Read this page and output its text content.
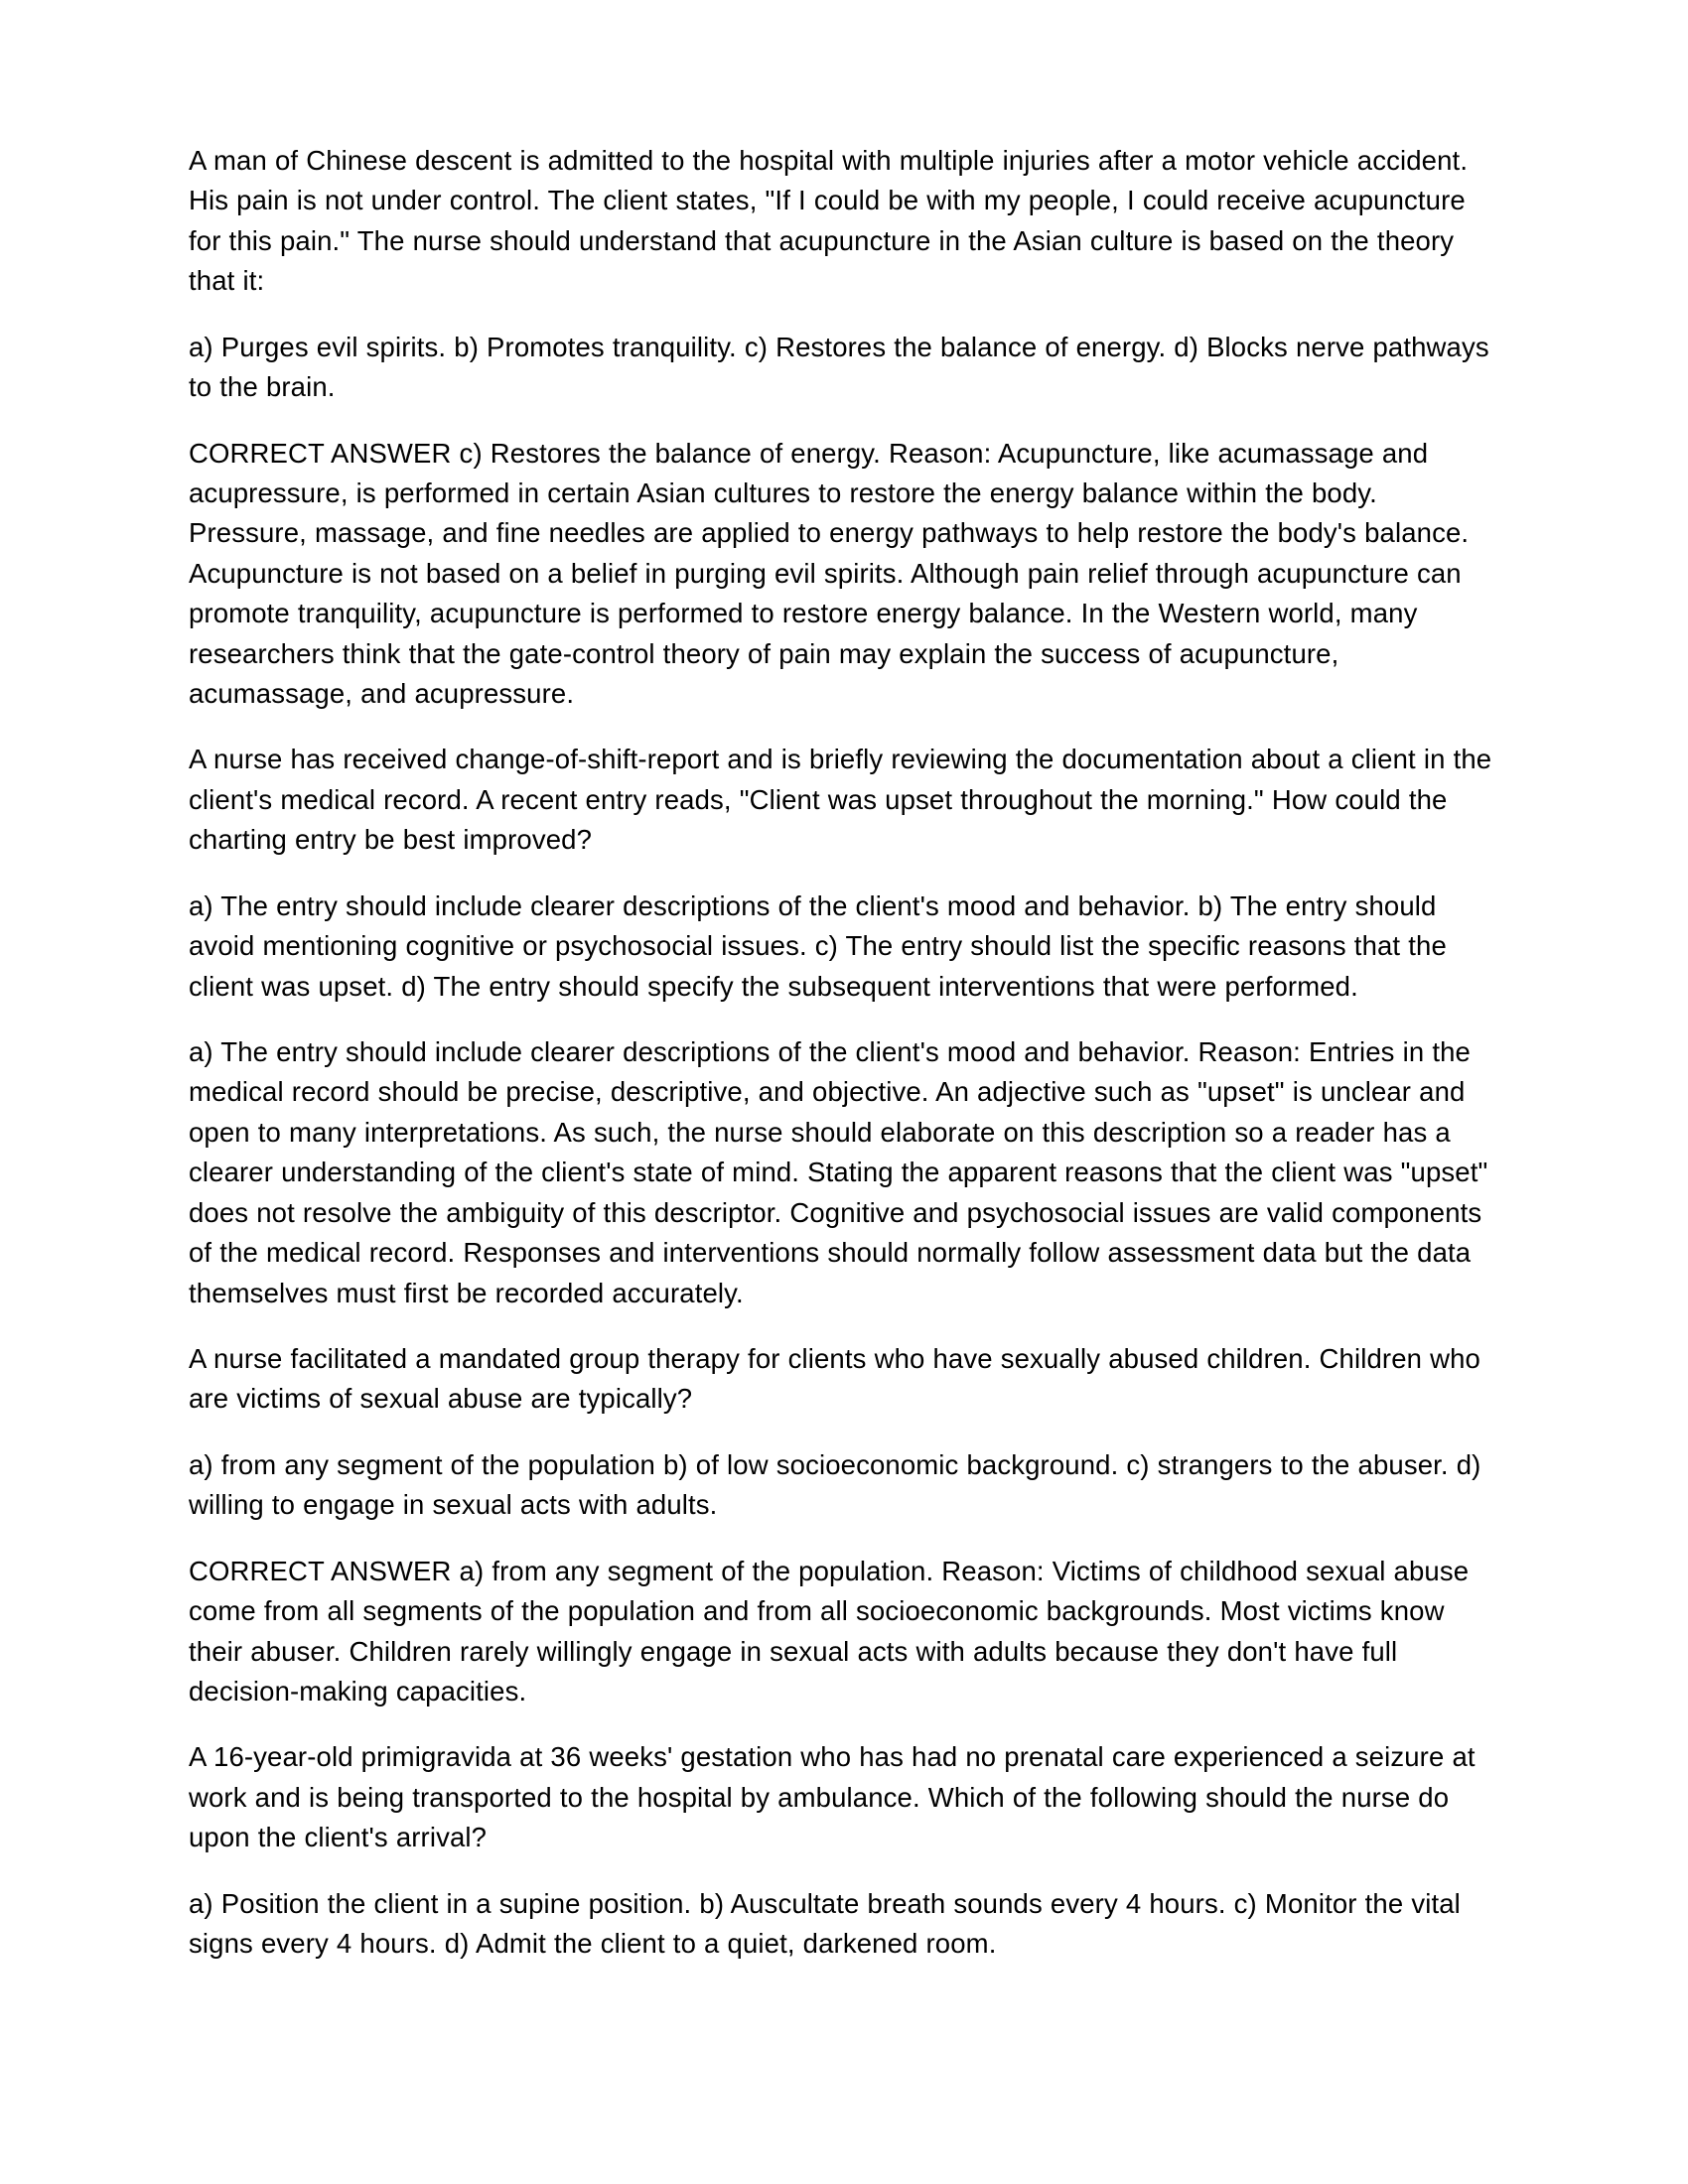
A man of Chinese descent is admitted to the hospital with multiple injuries after a motor vehicle accident. His pain is not under control. The client states, "If I could be with my people, I could receive acupuncture for this pain." The nurse should understand that acupuncture in the Asian culture is based on the theory that it:

a) Purges evil spirits. b) Promotes tranquility. c) Restores the balance of energy. d) Blocks nerve pathways to the brain.

CORRECT ANSWER c) Restores the balance of energy. Reason: Acupuncture, like acumassage and acupressure, is performed in certain Asian cultures to restore the energy balance within the body. Pressure, massage, and fine needles are applied to energy pathways to help restore the body's balance. Acupuncture is not based on a belief in purging evil spirits. Although pain relief through acupuncture can promote tranquility, acupuncture is performed to restore energy balance. In the Western world, many researchers think that the gate-control theory of pain may explain the success of acupuncture, acumassage, and acupressure.

A nurse has received change-of-shift-report and is briefly reviewing the documentation about a client in the client's medical record. A recent entry reads, "Client was upset throughout the morning." How could the charting entry be best improved?

a) The entry should include clearer descriptions of the client's mood and behavior. b) The entry should avoid mentioning cognitive or psychosocial issues. c) The entry should list the specific reasons that the client was upset. d) The entry should specify the subsequent interventions that were performed.

a) The entry should include clearer descriptions of the client's mood and behavior. Reason: Entries in the medical record should be precise, descriptive, and objective. An adjective such as "upset" is unclear and open to many interpretations. As such, the nurse should elaborate on this description so a reader has a clearer understanding of the client's state of mind. Stating the apparent reasons that the client was "upset" does not resolve the ambiguity of this descriptor. Cognitive and psychosocial issues are valid components of the medical record. Responses and interventions should normally follow assessment data but the data themselves must first be recorded accurately.

A nurse facilitated a mandated group therapy for clients who have sexually abused children. Children who are victims of sexual abuse are typically?

a) from any segment of the population b) of low socioeconomic background. c) strangers to the abuser. d) willing to engage in sexual acts with adults.

CORRECT ANSWER a) from any segment of the population. Reason: Victims of childhood sexual abuse come from all segments of the population and from all socioeconomic backgrounds. Most victims know their abuser. Children rarely willingly engage in sexual acts with adults because they don't have full decision-making capacities.

A 16-year-old primigravida at 36 weeks' gestation who has had no prenatal care experienced a seizure at work and is being transported to the hospital by ambulance. Which of the following should the nurse do upon the client's arrival?

a) Position the client in a supine position. b) Auscultate breath sounds every 4 hours. c) Monitor the vital signs every 4 hours. d) Admit the client to a quiet, darkened room.
